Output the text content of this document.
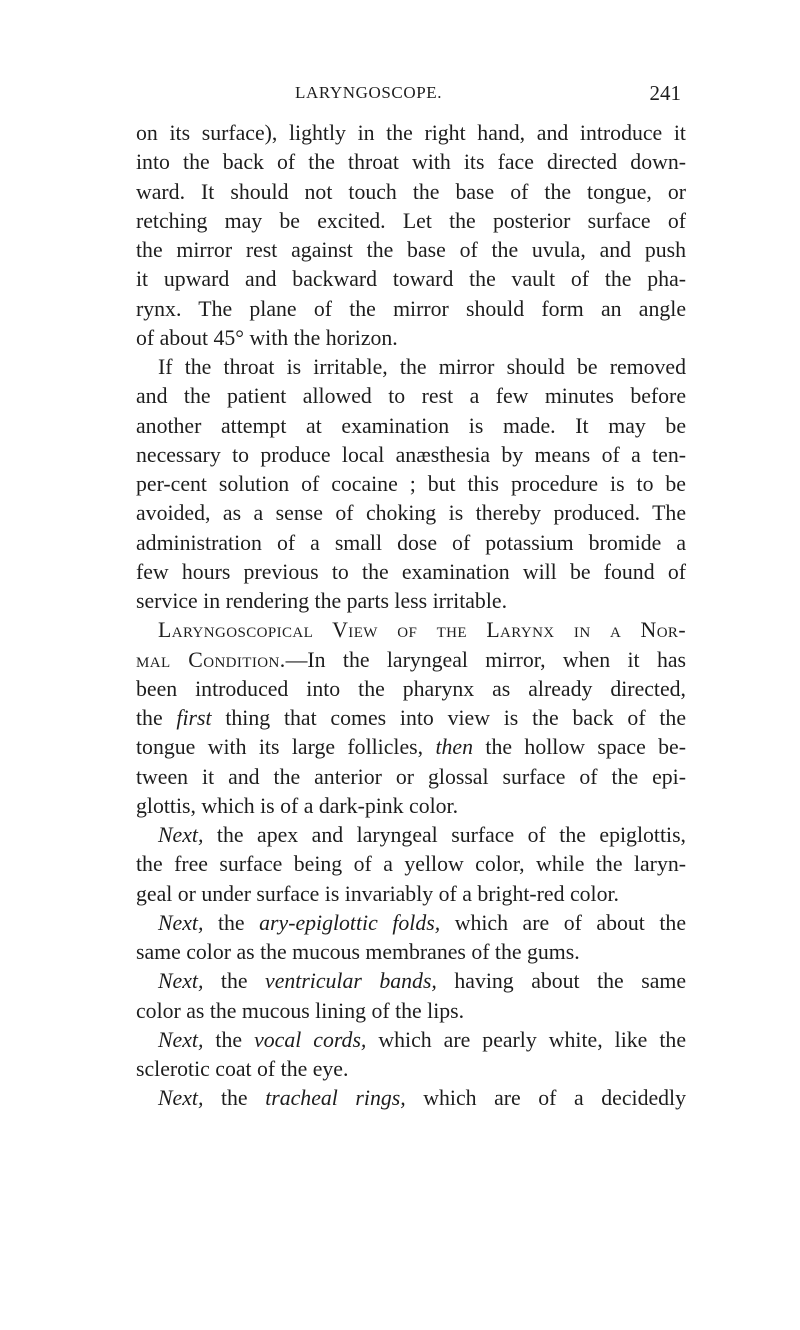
LARYNGOSCOPE.	241
on its surface), lightly in the right hand, and introduce it
into the back of the throat with its face directed down-
ward. It should not touch the base of the tongue, or
retching may be excited. Let the posterior surface of
the mirror rest against the base of the uvula, and push
it upward and backward toward the vault of the pha-
rynx. The plane of the mirror should form an angle
of about 45° with the horizon.
If the throat is irritable, the mirror should be removed
and the patient allowed to rest a few minutes before
another attempt at examination is made. It may be
necessary to produce local anæsthesia by means of a ten-
per-cent solution of cocaine ; but this procedure is to be
avoided, as a sense of choking is thereby produced. The
administration of a small dose of potassium bromide a
few hours previous to the examination will be found of
service in rendering the parts less irritable.
Laryngoscopical View of the Larynx in a Nor-
mal Condition.—In the laryngeal mirror, when it has
been introduced into the pharynx as already directed,
the first thing that comes into view is the back of the
tongue with its large follicles, then the hollow space be-
tween it and the anterior or glossal surface of the epi-
glottis, which is of a dark-pink color.
Next, the apex and laryngeal surface of the epiglottis,
the free surface being of a yellow color, while the laryn-
geal or under surface is invariably of a bright-red color.
Next, the ary-epiglottic folds, which are of about the
same color as the mucous membranes of the gums.
Next, the ventricular bands, having about the same
color as the mucous lining of the lips.
Next, the vocal cords, which are pearly white, like the
sclerotic coat of the eye.
Next, the tracheal rings, which are of a decidedly
